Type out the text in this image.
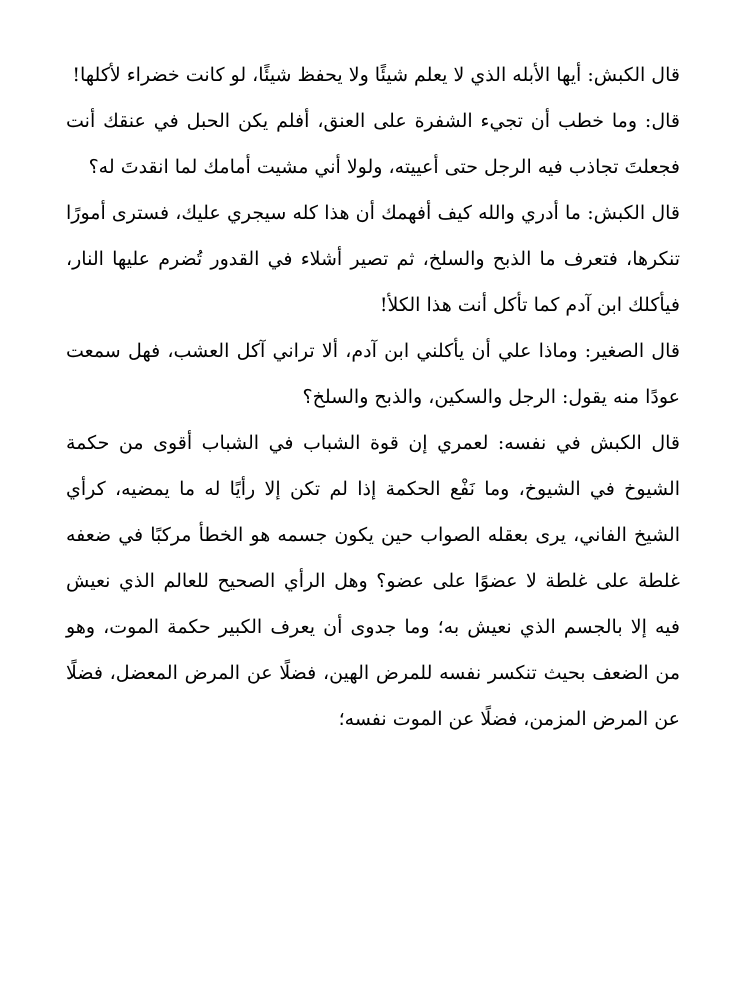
قال الكبش: أيها الأبله الذي لا يعلم شيئًا ولا يحفظ شيئًا، لو كانت خضراء لأكلها!

قال: وما خطب أن تجيء الشفرة على العنق، أفلم يكن الحبل في عنقك أنت فجعلتَ تجاذب فيه الرجل حتى أعييته، ولولا أني مشيت أمامك لما انقدتَ له؟

قال الكبش: ما أدري والله كيف أفهمك أن هذا كله سيجري عليك، فسترى أمورًا تنكرها، فتعرف ما الذبح والسلخ، ثم تصير أشلاء في القدور تُضرم عليها النار، فيأكلك ابن آدم كما تأكل أنت هذا الكلأ!

قال الصغير: وماذا علي أن يأكلني ابن آدم، ألا تراني آكل العشب، فهل سمعت عودًا منه يقول: الرجل والسكين، والذبح والسلخ؟

قال الكبش في نفسه: لعمري إن قوة الشباب في الشباب أقوى من حكمة الشيوخ في الشيوخ، وما نَفْع الحكمة إذا لم تكن إلا رأيًا له ما يمضيه، كرأي الشيخ الفاني، يرى بعقله الصواب حين يكون جسمه هو الخطأ مركبًا في ضعفه غلطة على غلطة لا عضوًا على عضو؟ وهل الرأي الصحيح للعالم الذي نعيش فيه إلا بالجسم الذي نعيش به؛ وما جدوى أن يعرف الكبير حكمة الموت، وهو من الضعف بحيث تنكسر نفسه للمرض الهين، فضلًا عن المرض المعضل، فضلًا عن المرض المزمن، فضلًا عن الموت نفسه؛
